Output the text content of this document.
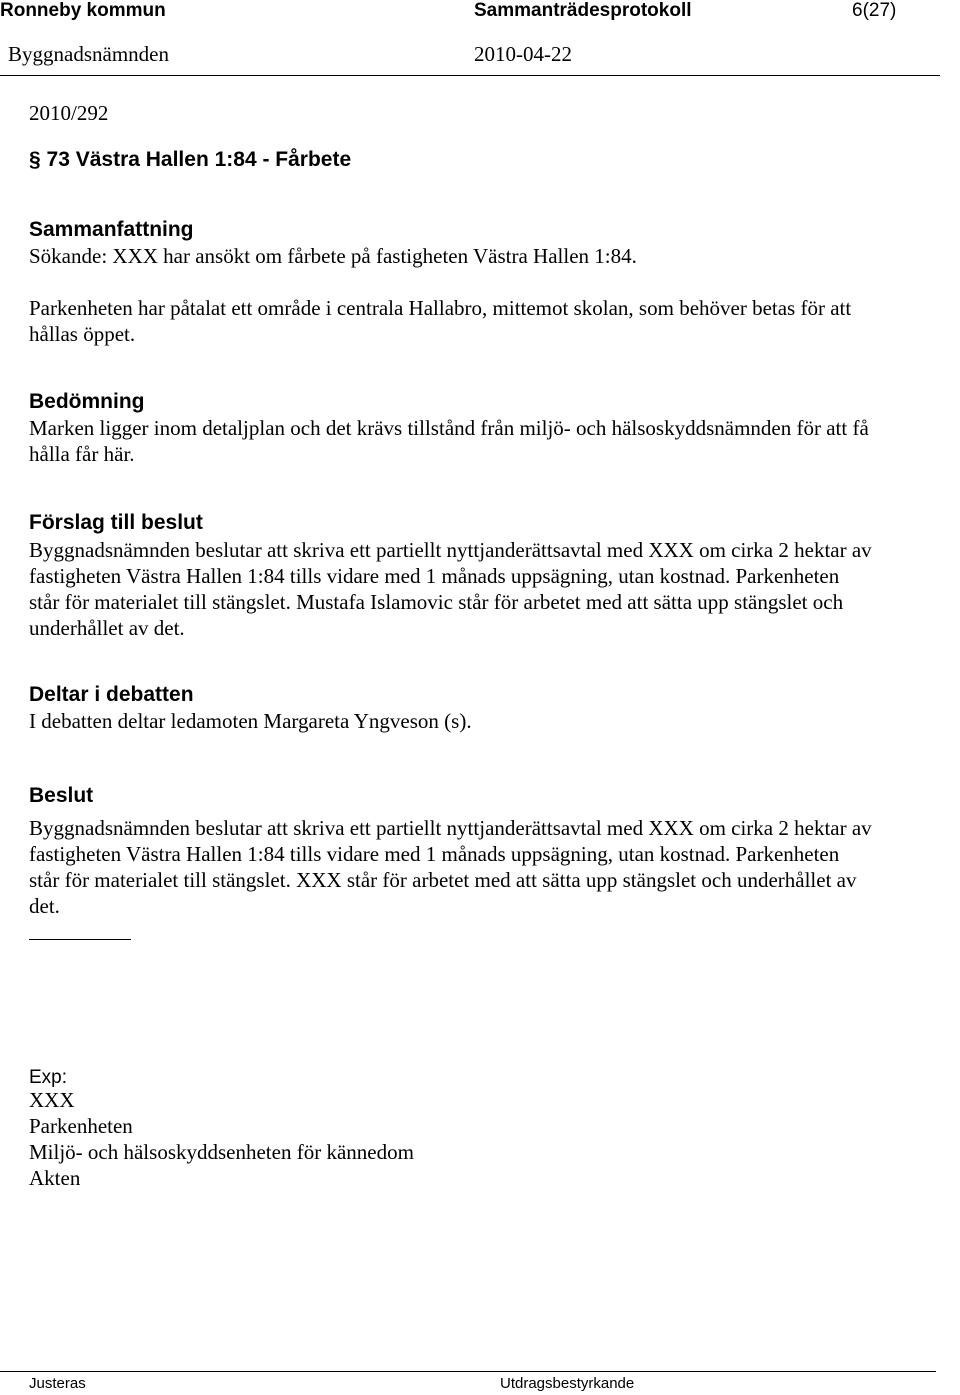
Ronneby kommun	Sammanträdesprotokoll	6(27)
Byggnadsnämnden	2010-04-22
2010/292
§ 73 Västra Hallen 1:84 - Fårbete
Sammanfattning
Sökande: XXX har ansökt om fårbete på fastigheten Västra Hallen 1:84.
Parkenheten har påtalat ett område i centrala Hallabro, mittemot skolan, som behöver betas för att
hållas öppet.
Bedömning
Marken ligger inom detaljplan och det krävs tillstånd från miljö- och hälsoskyddsnämnden för att få
hålla får här.
Förslag till beslut
Byggnadsnämnden beslutar att skriva ett partiellt nyttjanderättsavtal med XXX om cirka 2 hektar av
fastigheten Västra Hallen 1:84 tills vidare med 1 månads uppsägning, utan kostnad. Parkenheten
står för materialet till stängslet. Mustafa Islamovic står för arbetet med att sätta upp stängslet och
underhållet av det.
Deltar i debatten
I debatten deltar ledamoten Margareta Yngveson (s).
Beslut
Byggnadsnämnden beslutar att skriva ett partiellt nyttjanderättsavtal med XXX om cirka 2 hektar av
fastigheten Västra Hallen 1:84 tills vidare med 1 månads uppsägning, utan kostnad. Parkenheten
står för materialet till stängslet. XXX står för arbetet med att sätta upp stängslet och underhållet av
det.
Exp:
XXX
Parkenheten
Miljö- och hälsoskyddsenheten för kännedom
Akten
Justeras	Utdragsbestyrkande
